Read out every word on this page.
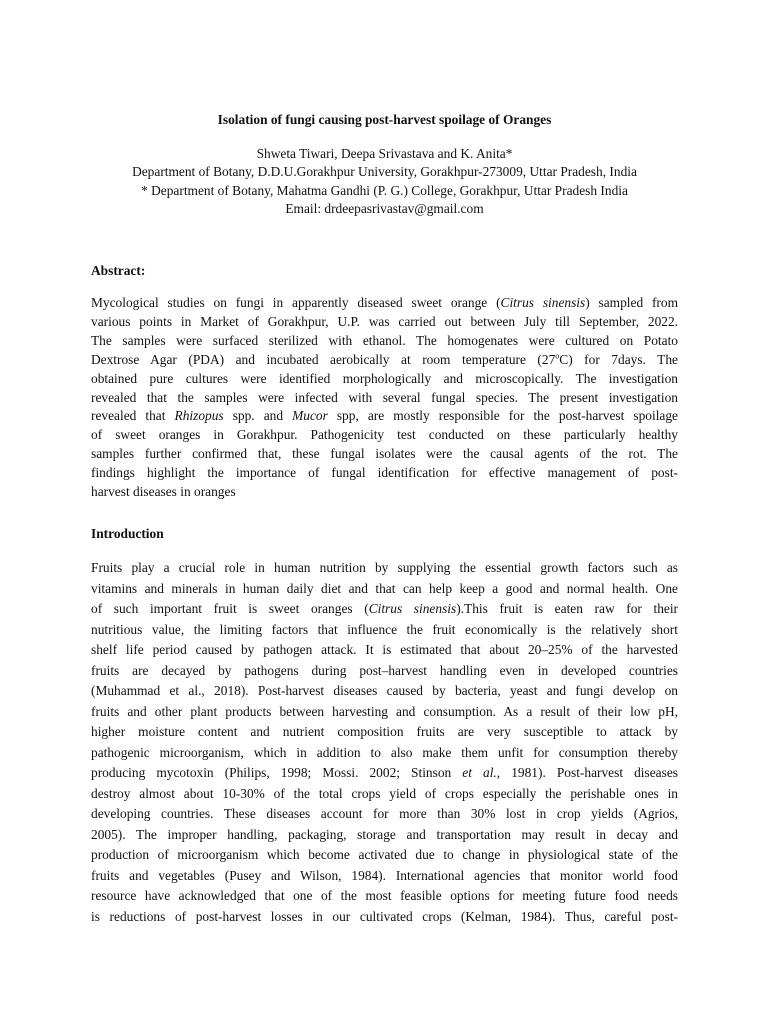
Isolation of fungi causing post-harvest spoilage of Oranges
Shweta Tiwari, Deepa Srivastava and K. Anita*
Department of Botany, D.D.U.Gorakhpur University, Gorakhpur-273009, Uttar Pradesh, India
* Department of Botany, Mahatma Gandhi (P. G.) College, Gorakhpur, Uttar Pradesh India
Email: drdeepasrivastav@gmail.com
Abstract:
Mycological studies on fungi in apparently diseased sweet orange (Citrus sinensis) sampled from
various points in Market of Gorakhpur, U.P. was carried out between July till September, 2022.
The samples were surfaced sterilized with ethanol. The homogenates were cultured on Potato
Dextrose Agar (PDA) and incubated aerobically at room temperature (27$^o$C) for 7days. The
obtained pure cultures were identified morphologically and microscopically. The investigation
revealed that the samples were infected with several fungal species. The present investigation
revealed that Rhizopus spp. and Mucor spp, are mostly responsible for the post-harvest spoilage
of sweet oranges in Gorakhpur. Pathogenicity test conducted on these particularly healthy
samples further confirmed that, these fungal isolates were the causal agents of the rot. The
findings highlight the importance of fungal identification for effective management of post-
harvest diseases in oranges
Introduction
Fruits play a crucial role in human nutrition by supplying the essential growth factors such as
vitamins and minerals in human daily diet and that can help keep a good and normal health. One
of such important fruit is sweet oranges (Citrus sinensis).This fruit is eaten raw for their
nutritious value, the limiting factors that influence the fruit economically is the relatively short
shelf life period caused by pathogen attack. It is estimated that about 20–25% of the harvested
fruits are decayed by pathogens during post–harvest handling even in developed countries
(Muhammad et al., 2018). Post-harvest diseases caused by bacteria, yeast and fungi develop on
fruits and other plant products between harvesting and consumption. As a result of their low pH,
higher moisture content and nutrient composition fruits are very susceptible to attack by
pathogenic microorganism, which in addition to also make them unfit for consumption thereby
producing mycotoxin (Philips, 1998; Mossi. 2002; Stinson et al., 1981). Post-harvest diseases
destroy almost about 10-30% of the total crops yield of crops especially the perishable ones in
developing countries. These diseases account for more than 30% lost in crop yields (Agrios,
2005). The improper handling, packaging, storage and transportation may result in decay and
production of microorganism which become activated due to change in physiological state of the
fruits and vegetables (Pusey and Wilson, 1984). International agencies that monitor world food
resource have acknowledged that one of the most feasible options for meeting future food needs
is reductions of post-harvest losses in our cultivated crops (Kelman, 1984). Thus, careful post-
